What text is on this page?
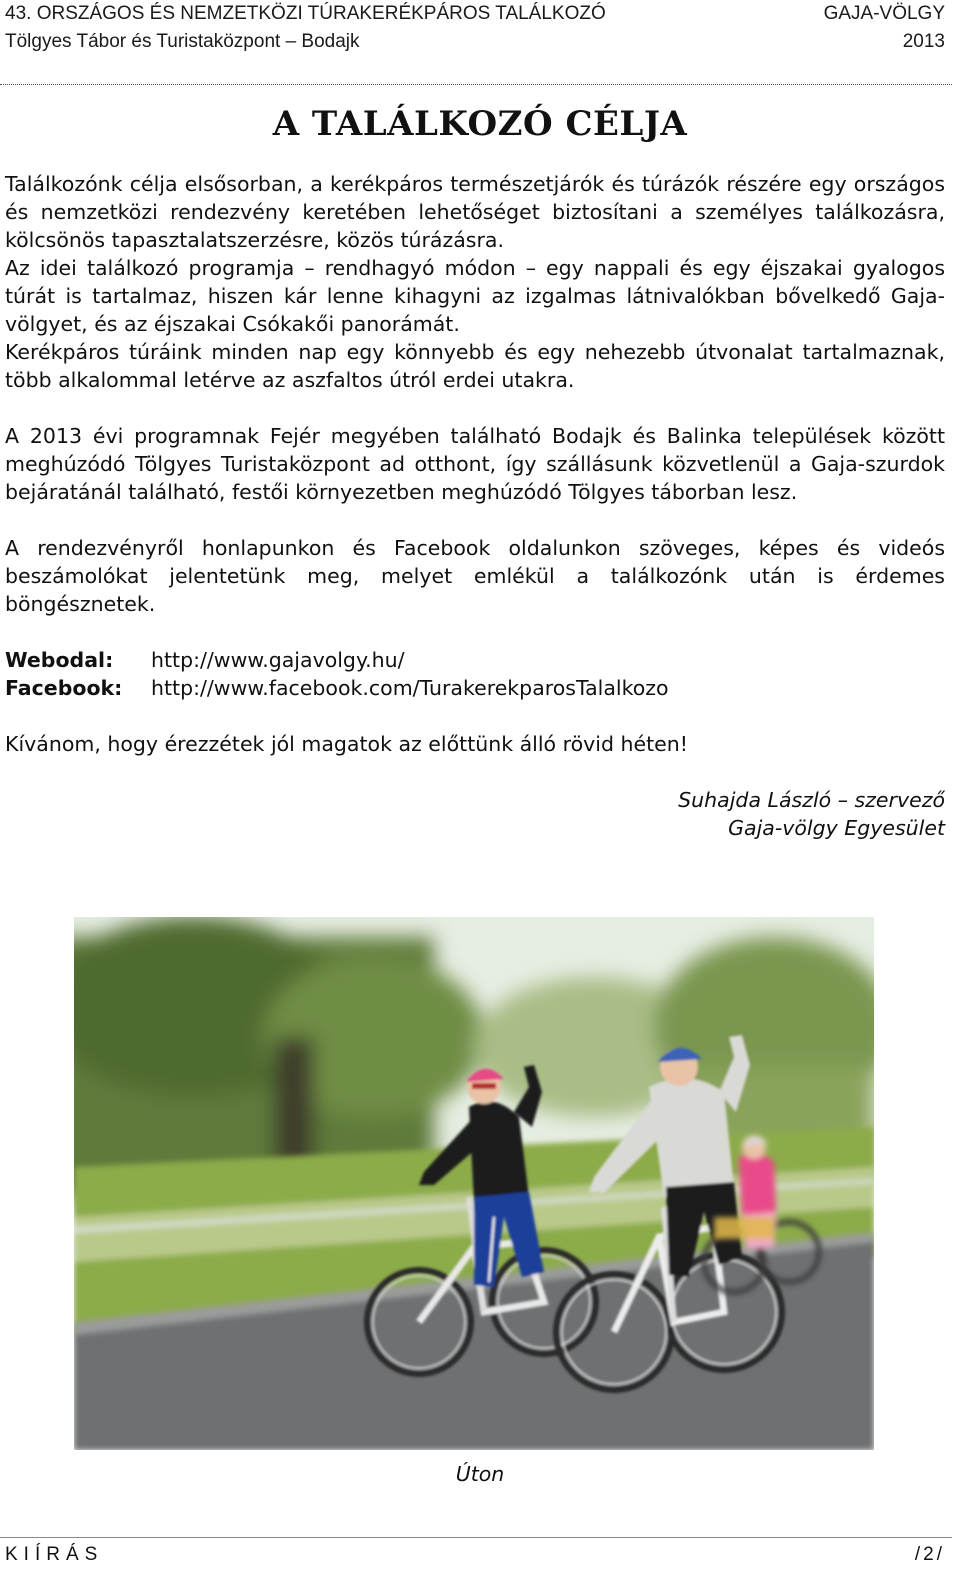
43. ORSZÁGOS ÉS NEMZETKÖZI TÚRAKERÉKPÁROS TALÁLKOZÓ	GAJA-VÖLGY
Tölgyes Tábor és Turistaközpont – Bodajk	2013
A TALÁLKOZÓ CÉLJA

Találkozónk célja elsősorban, a kerékpáros természetjárók és túrázók részére egy országos és nemzetközi rendezvény keretében lehetőséget biztosítani a személyes találkozásra, kölcsönös tapasztalatszerzésre, közös túrázásra.

Az idei találkozó programja – rendhagyó módon – egy nappali és egy éjszakai gyalogos túrát is tartalmaz, hiszen kár lenne kihagyni az izgalmas látnivalókban bővelkedő Gaja-völgyet, és az éjszakai Csókakői panorámát.

Kerékpáros túráink minden nap egy könnyebb és egy nehezebb útvonalat tartalmaznak, több alkalommal letérve az aszfaltos útról erdei utakra.

A 2013 évi programnak Fejér megyében található Bodajk és Balinka települések között meghúzódó Tölgyes Turistaközpont ad otthont, így szállásunk közvetlenül a Gaja-szurdok bejáratánál található, festői környezetben meghúzódó Tölgyes táborban lesz.

A rendezvényről honlapunkon és Facebook oldalunkon szöveges, képes és videós beszámolókat jelentetünk meg, melyet emlékül a találkozónk után is érdemes böngésznetek.

Webodal:	http://www.gajavolgy.hu/
Facebook:	http://www.facebook.com/TurakerekparosTalalkozo

Kívánom, hogy érezzétek jól magatok az előttünk álló rövid héten!

Suhajda László – szervező
Gaja-völgy Egyesület
Úton
KIÍRÁS	/2/
